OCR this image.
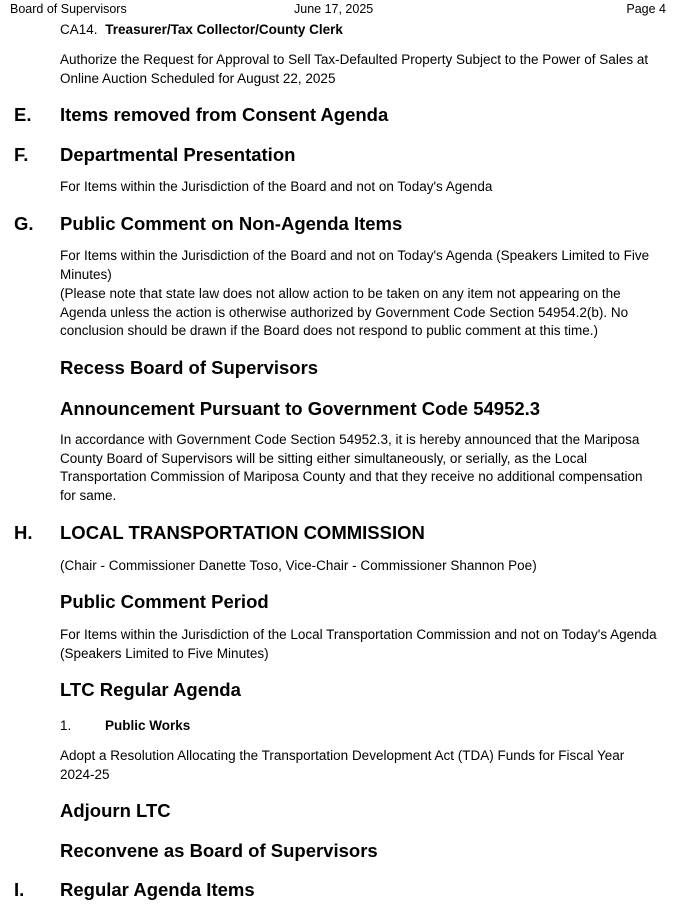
Board of Supervisors	June 17, 2025	Page 4
CA14. Treasurer/Tax Collector/County Clerk
Authorize the Request for Approval to Sell Tax-Defaulted Property Subject to the Power of Sales at Online Auction Scheduled for August 22, 2025
E. Items removed from Consent Agenda
F. Departmental Presentation
For Items within the Jurisdiction of the Board and not on Today's Agenda
G. Public Comment on Non-Agenda Items
For Items within the Jurisdiction of the Board and not on Today's Agenda (Speakers Limited to Five Minutes)
(Please note that state law does not allow action to be taken on any item not appearing on the Agenda unless the action is otherwise authorized by Government Code Section 54954.2(b). No conclusion should be drawn if the Board does not respond to public comment at this time.)
Recess Board of Supervisors
Announcement Pursuant to Government Code 54952.3
In accordance with Government Code Section 54952.3, it is hereby announced that the Mariposa County Board of Supervisors will be sitting either simultaneously, or serially, as the Local Transportation Commission of Mariposa County and that they receive no additional compensation for same.
H. LOCAL TRANSPORTATION COMMISSION
(Chair - Commissioner Danette Toso, Vice-Chair - Commissioner Shannon Poe)
Public Comment Period
For Items within the Jurisdiction of the Local Transportation Commission and not on Today's Agenda (Speakers Limited to Five Minutes)
LTC Regular Agenda
1. Public Works
Adopt a Resolution Allocating the Transportation Development Act (TDA) Funds for Fiscal Year 2024-25
Adjourn LTC
Reconvene as Board of Supervisors
I. Regular Agenda Items
